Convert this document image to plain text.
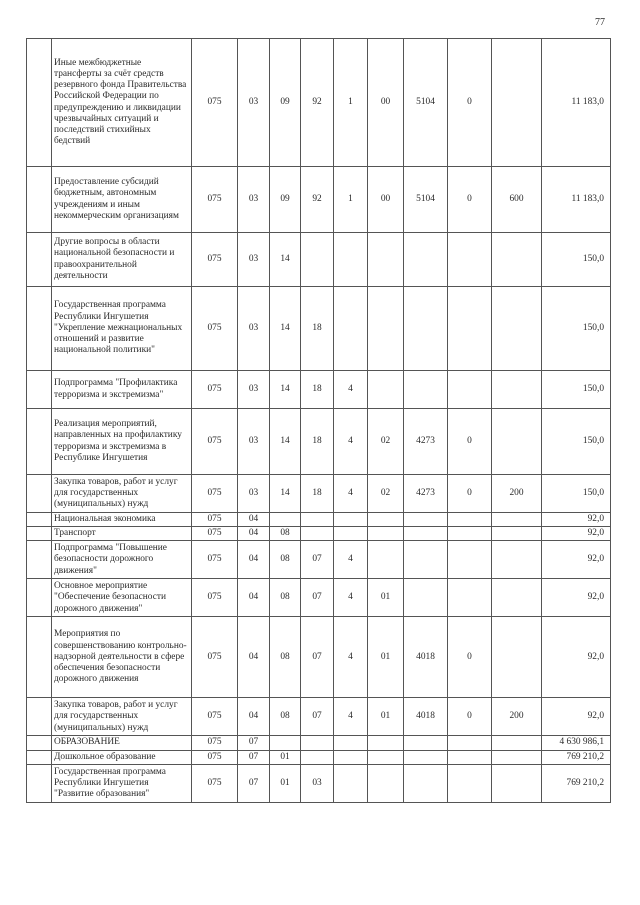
77
	Иные межбюджетные трансферты за счёт средств резервного фонда Правительства Российской Федерации по предупреждению и ликвидации чрезвычайных ситуаций и последствий стихийных бедствий	075	03	09	92	1	00	5104	0		11 183,0
	Предоставление субсидий бюджетным, автономным учреждениям и иным некоммерческим организациям	075	03	09	92	1	00	5104	0	600	11 183,0
	Другие вопросы в области национальной безопасности и правоохранительной деятельности	075	03	14							150,0
	Государственная программа Республики Ингушетия "Укрепление межнациональных отношений и развитие национальной политики"	075	03	14	18						150,0
	Подпрограмма "Профилактика терроризма и экстремизма"	075	03	14	18	4					150,0
	Реализация мероприятий, направленных на профилактику терроризма и экстремизма в Республике Ингушетия	075	03	14	18	4	02	4273	0		150,0
	Закупка товаров, работ и услуг для государственных (муниципальных) нужд	075	03	14	18	4	02	4273	0	200	150,0
	Национальная экономика	075	04								92,0
	Транспорт	075	04	08							92,0
	Подпрограмма "Повышение безопасности дорожного движения"	075	04	08	07	4					92,0
	Основное мероприятие "Обеспечение безопасности дорожного движения"	075	04	08	07	4	01				92,0
	Мероприятия по совершенствованию контрольно-надзорной деятельности в сфере обеспечения безопасности дорожного движения	075	04	08	07	4	01	4018	0		92,0
	Закупка товаров, работ и услуг для государственных (муниципальных) нужд	075	04	08	07	4	01	4018	0	200	92,0
	ОБРАЗОВАНИЕ	075	07								4 630 986,1
	Дошкольное образование	075	07	01							769 210,2
	Государственная программа Республики Ингушетия "Развитие образования"	075	07	01	03						769 210,2
